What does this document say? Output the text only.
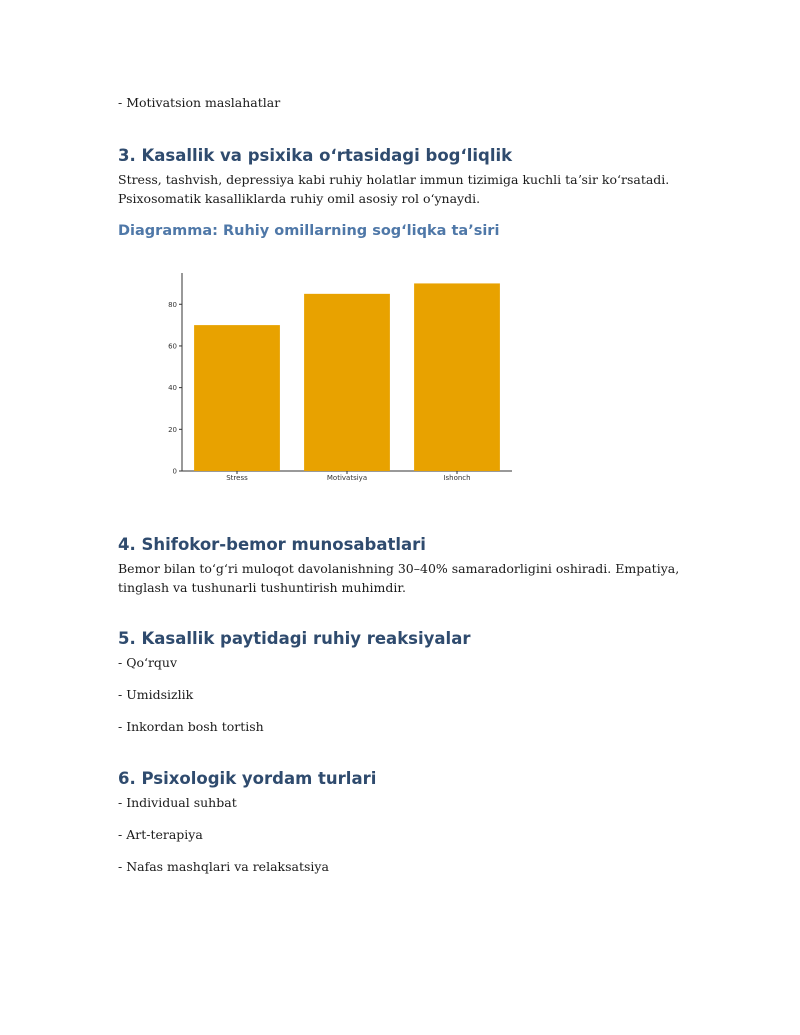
- Motivatsion maslahatlar
3. Kasallik va psixika oʻrtasidagi bogʻliqlik
Stress, tashvish, depressiya kabi ruhiy holatlar immun tizimiga kuchli taʼsir koʻrsatadi.
Psixosomatik kasalliklarda ruhiy omil asosiy rol oʻynaydi.
Diagramma: Ruhiy omillarning sogʻliqka taʼsiri
0
20
40
60
80
Stress	Motivatsiya	Ishonch
4. Shifokor-bemor munosabatlari
Bemor bilan toʻgʻri muloqot davolanishning 30–40% samaradorligini oshiradi. Empatiya,
tinglash va tushunarli tushuntirish muhimdir.
5. Kasallik paytidagi ruhiy reaksiyalar
- Qoʻrquv
- Umidsizlik
- Inkordan bosh tortish
6. Psixologik yordam turlari
- Individual suhbat
- Art-terapiya
- Nafas mashqlari va relaksatsiya
